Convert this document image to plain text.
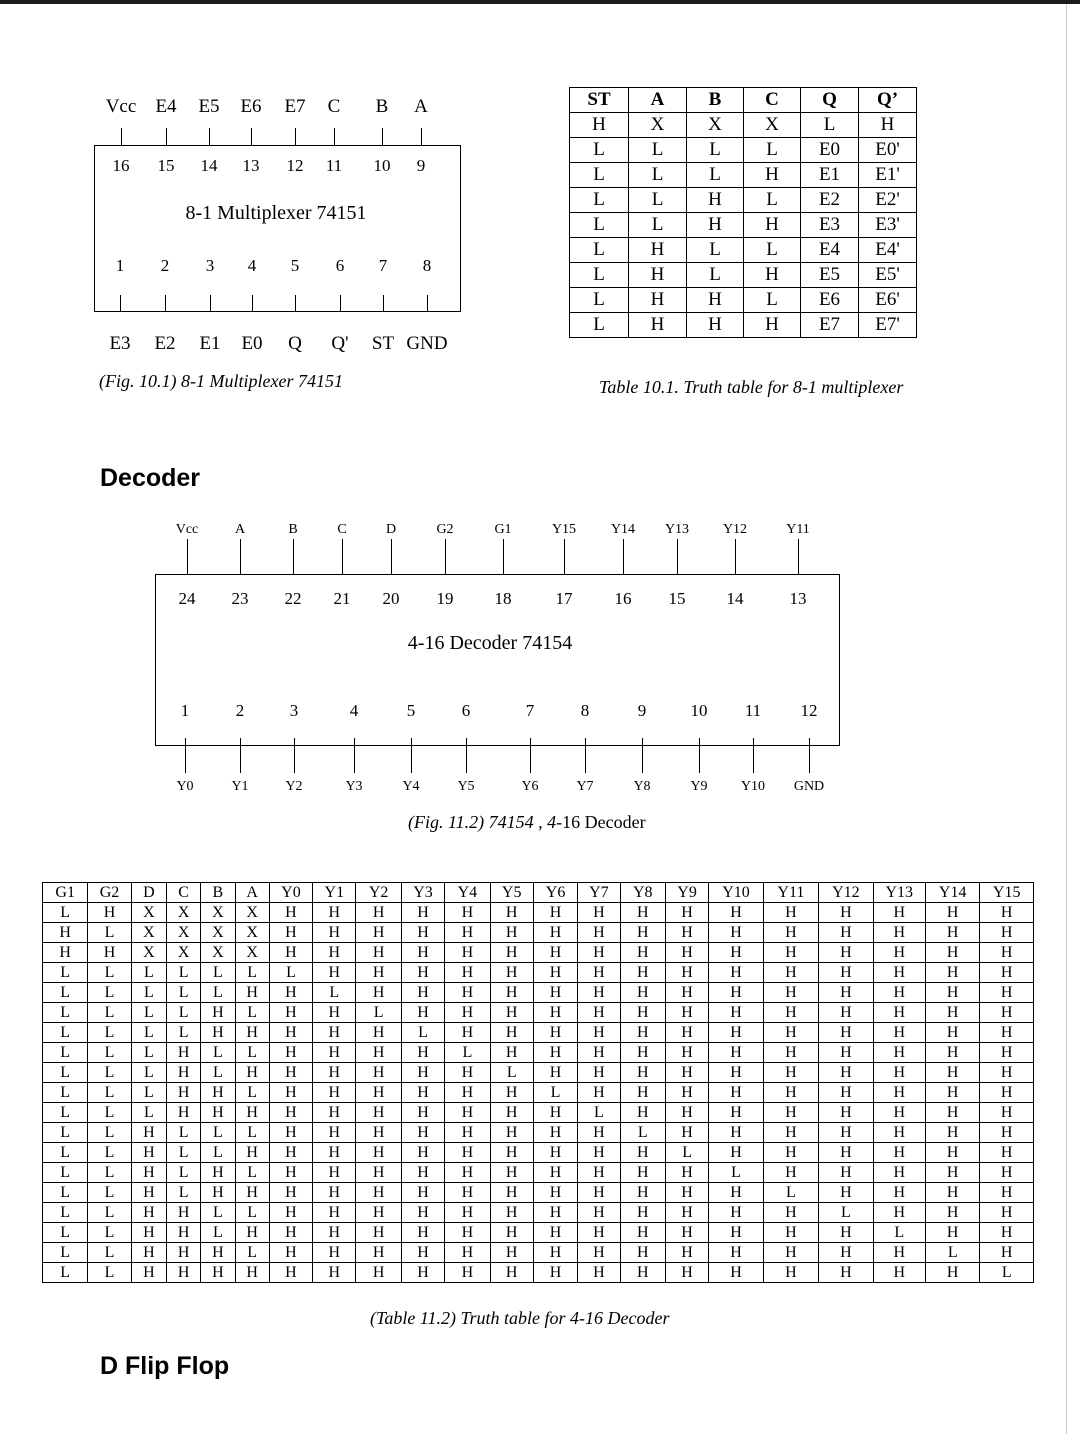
8-1 Multiplexer 74151
Vcc E4 E5 E6 E7 C B A
16 15 14 13 12 11 10 9
1 2 3 4 5 6 7 8
E3 E2 E1 E0 Q Q' ST GND
(Fig. 10.1) 8-1 Multiplexer 74151
ST	A	B	C	Q	Q’
H	X	X	X	L	H
L	L	L	L	E0	E0'
L	L	L	H	E1	E1'
L	L	H	L	E2	E2'
L	L	H	H	E3	E3'
L	H	L	L	E4	E4'
L	H	L	H	E5	E5'
L	H	H	L	E6	E6'
L	H	H	H	E7	E7'
Table 10.1. Truth table for 8-1 multiplexer
Decoder
4-16 Decoder 74154
Vcc	A	B	C	D	G2	G1	Y15 Y14 Y13 Y12	Y11
24 23 22 21 20 19 18	17 16 15 14	13
1	2	3	4	5	6	7	8	9	10 11 12
Y0	Y1	Y2	Y3	Y4	Y5	Y6	Y7	Y8	Y9 Y10 GND
(Fig. 11.2) 74154 , 4-16 Decoder
G1	G2	D	C	B	A	Y0	Y1	Y2	Y3	Y4	Y5	Y6	Y7	Y8	Y9	Y10	Y11	Y12	Y13	Y14	Y15
L	H	X	X	X	X	H	H	H	H	H	H	H	H	H	H	H	H	H	H	H	H
H	L	X	X	X	X	H	H	H	H	H	H	H	H	H	H	H	H	H	H	H	H
H	H	X	X	X	X	H	H	H	H	H	H	H	H	H	H	H	H	H	H	H	H
L	L	L	L	L	L	L	H	H	H	H	H	H	H	H	H	H	H	H	H	H	H
L	L	L	L	L	H	H	L	H	H	H	H	H	H	H	H	H	H	H	H	H	H
L	L	L	L	H	L	H	H	L	H	H	H	H	H	H	H	H	H	H	H	H	H
L	L	L	L	H	H	H	H	H	L	H	H	H	H	H	H	H	H	H	H	H	H
L	L	L	H	L	L	H	H	H	H	L	H	H	H	H	H	H	H	H	H	H	H
L	L	L	H	L	H	H	H	H	H	H	L	H	H	H	H	H	H	H	H	H	H
L	L	L	H	H	L	H	H	H	H	H	H	L	H	H	H	H	H	H	H	H	H
L	L	L	H	H	H	H	H	H	H	H	H	H	L	H	H	H	H	H	H	H	H
L	L	H	L	L	L	H	H	H	H	H	H	H	H	L	H	H	H	H	H	H	H
L	L	H	L	L	H	H	H	H	H	H	H	H	H	H	L	H	H	H	H	H	H
L	L	H	L	H	L	H	H	H	H	H	H	H	H	H	H	L	H	H	H	H	H
L	L	H	L	H	H	H	H	H	H	H	H	H	H	H	H	H	L	H	H	H	H
L	L	H	H	L	L	H	H	H	H	H	H	H	H	H	H	H	H	L	H	H	H
L	L	H	H	L	H	H	H	H	H	H	H	H	H	H	H	H	H	H	L	H	H
L	L	H	H	H	L	H	H	H	H	H	H	H	H	H	H	H	H	H	H	L	H
L	L	H	H	H	H	H	H	H	H	H	H	H	H	H	H	H	H	H	H	H	L
(Table 11.2) Truth table for 4-16 Decoder
D Flip Flop
